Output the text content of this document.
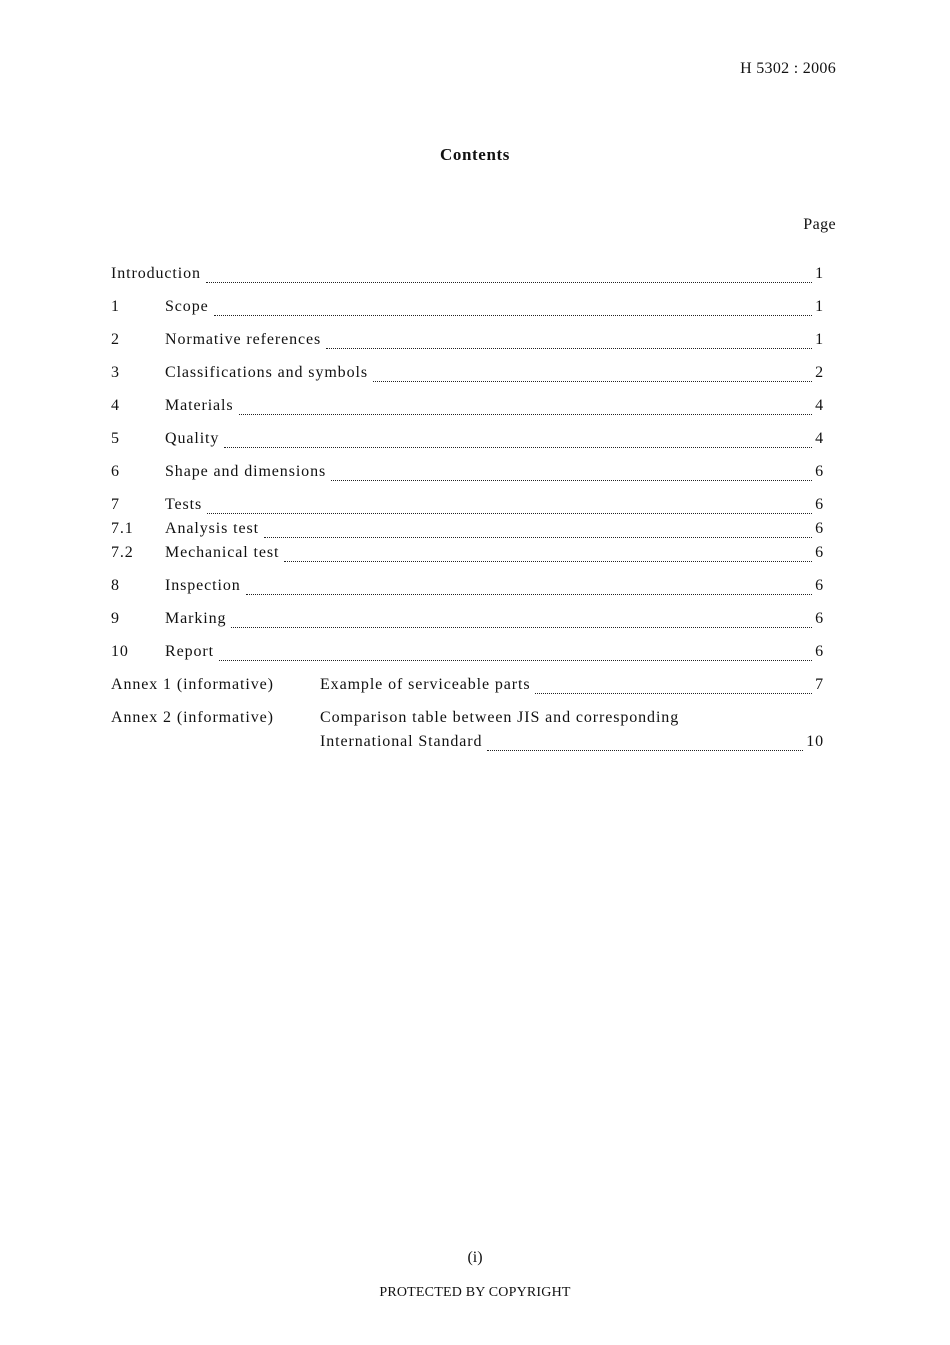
H 5302 : 2006
Contents
Page
Introduction	1
1	Scope	1
2	Normative references	1
3	Classifications and symbols	2
4	Materials	4
5	Quality	4
6	Shape and dimensions	6
7	Tests	6
7.1	Analysis test	6
7.2	Mechanical test	6
8	Inspection	6
9	Marking	6
10	Report	6
Annex 1 (informative)	Example of serviceable parts	7
Annex 2 (informative)	Comparison table between JIS and corresponding
International Standard	10
(i)
PROTECTED BY COPYRIGHT
